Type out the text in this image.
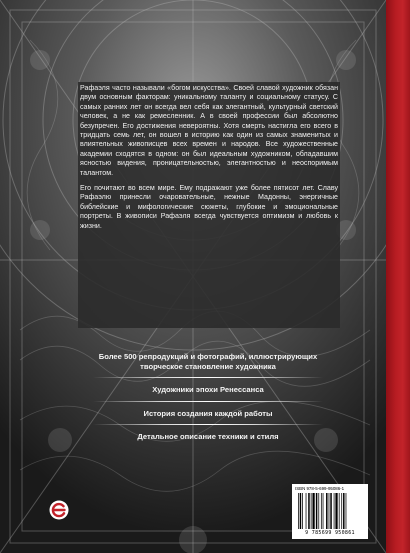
Рафаэля часто называли «богом искусства». Своей славой художник обязан двум основным факторам: уникальному таланту и социальному статусу. С самых ранних лет он всегда вел себя как элегантный, культурный светский человек, а не как ремесленник. А в своей профессии был абсолютно безупречен. Его достижения невероятны. Хотя смерть настигла его всего в тридцать семь лет, он вошел в историю как один из самых знаменитых и влиятельных живописцев всех времен и народов. Все художественные академии сходятся в одном: он был идеальным художником, обладавшим ясностью видения, проницательностью, элегантностью и неоспоримым талантом.

Его почитают во всем мире. Ему подражают уже более пятисот лет. Славу Рафаэлю принесли очаровательные, нежные Мадонны, энергичные библейские и мифологические сюжеты, глубокие и эмоциональные портреты. В живописи Рафаэля всегда чувствуется оптимизм и любовь к жизни.

Более 500 репродукций и фотографий, иллюстрирующих творческое становление художника
Художники эпохи Ренессанса
История создания каждой работы
Детальное описание техники и стиля
ISBN 978-5-699-95086-1
9 785699 950861
